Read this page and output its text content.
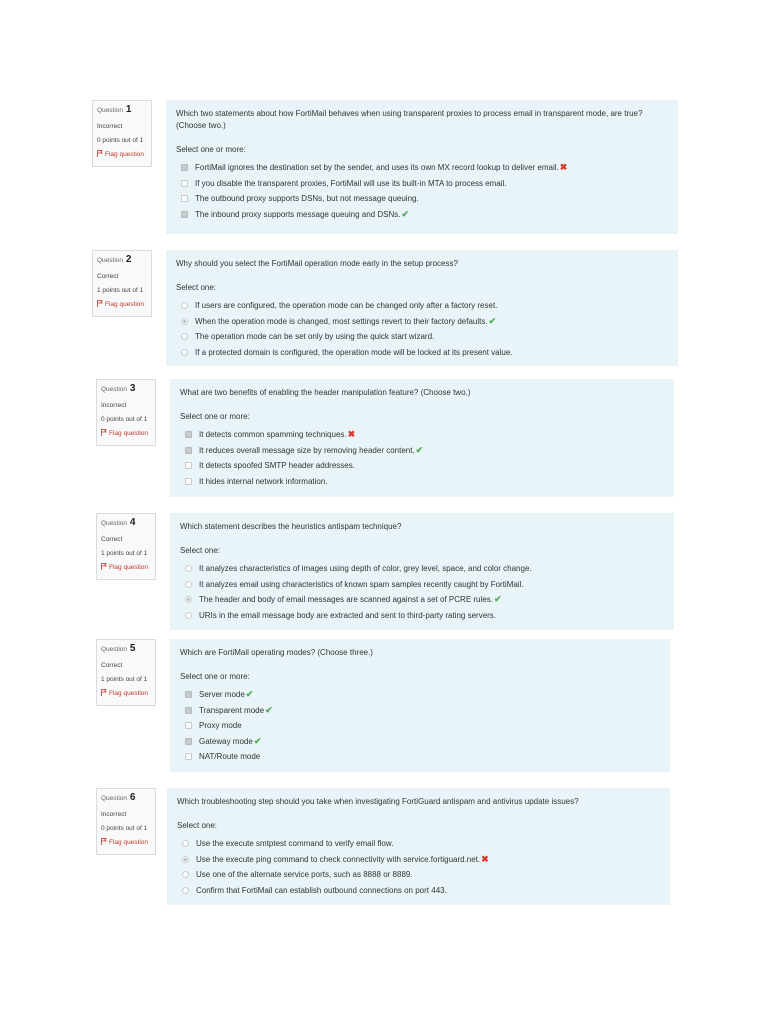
Question 1
Incorrect
0 points out of 1
Flag question
Which two statements about how FortiMail behaves when using transparent proxies to process email in transparent mode, are true? (Choose two.)
Select one or more:
FortiMail ignores the destination set by the sender, and uses its own MX record lookup to deliver email. ✖
If you disable the transparent proxies, FortiMail will use its built-in MTA to process email.
The outbound proxy supports DSNs, but not message queuing.
The inbound proxy supports message queuing and DSNs. ✔
Question 2
Correct
1 points out of 1
Flag question
Why should you select the FortiMail operation mode early in the setup process?
Select one:
If users are configured, the operation mode can be changed only after a factory reset.
When the operation mode is changed, most settings revert to their factory defaults. ✔
The operation mode can be set only by using the quick start wizard.
If a protected domain is configured, the operation mode will be locked at its present value.
Question 3
Incorrect
0 points out of 1
Flag question
What are two benefits of enabling the header manipulation feature? (Choose two.)
Select one or more:
It detects common spamming techniques. ✖
It reduces overall message size by removing header content. ✔
It detects spoofed SMTP header addresses.
It hides internal network information.
Question 4
Correct
1 points out of 1
Flag question
Which statement describes the heuristics antispam technique?
Select one:
It analyzes characteristics of images using depth of color, grey level, space, and color change.
It analyzes email using characteristics of known spam samples recently caught by FortiMail.
The header and body of email messages are scanned against a set of PCRE rules. ✔
URIs in the email message body are extracted and sent to third-party rating servers.
Question 5
Correct
1 points out of 1
Flag question
Which are FortiMail operating modes? (Choose three.)
Select one or more:
Server mode ✔
Transparent mode ✔
Proxy mode
Gateway mode ✔
NAT/Route mode
Question 6
Incorrect
0 points out of 1
Flag question
Which troubleshooting step should you take when investigating FortiGuard antispam and antivirus update issues?
Select one:
Use the execute smtptest command to verify email flow.
Use the execute ping command to check connectivity with service.fortiguard.net. ✖
Use one of the alternate service ports, such as 8888 or 8889.
Confirm that FortiMail can establish outbound connections on port 443.
